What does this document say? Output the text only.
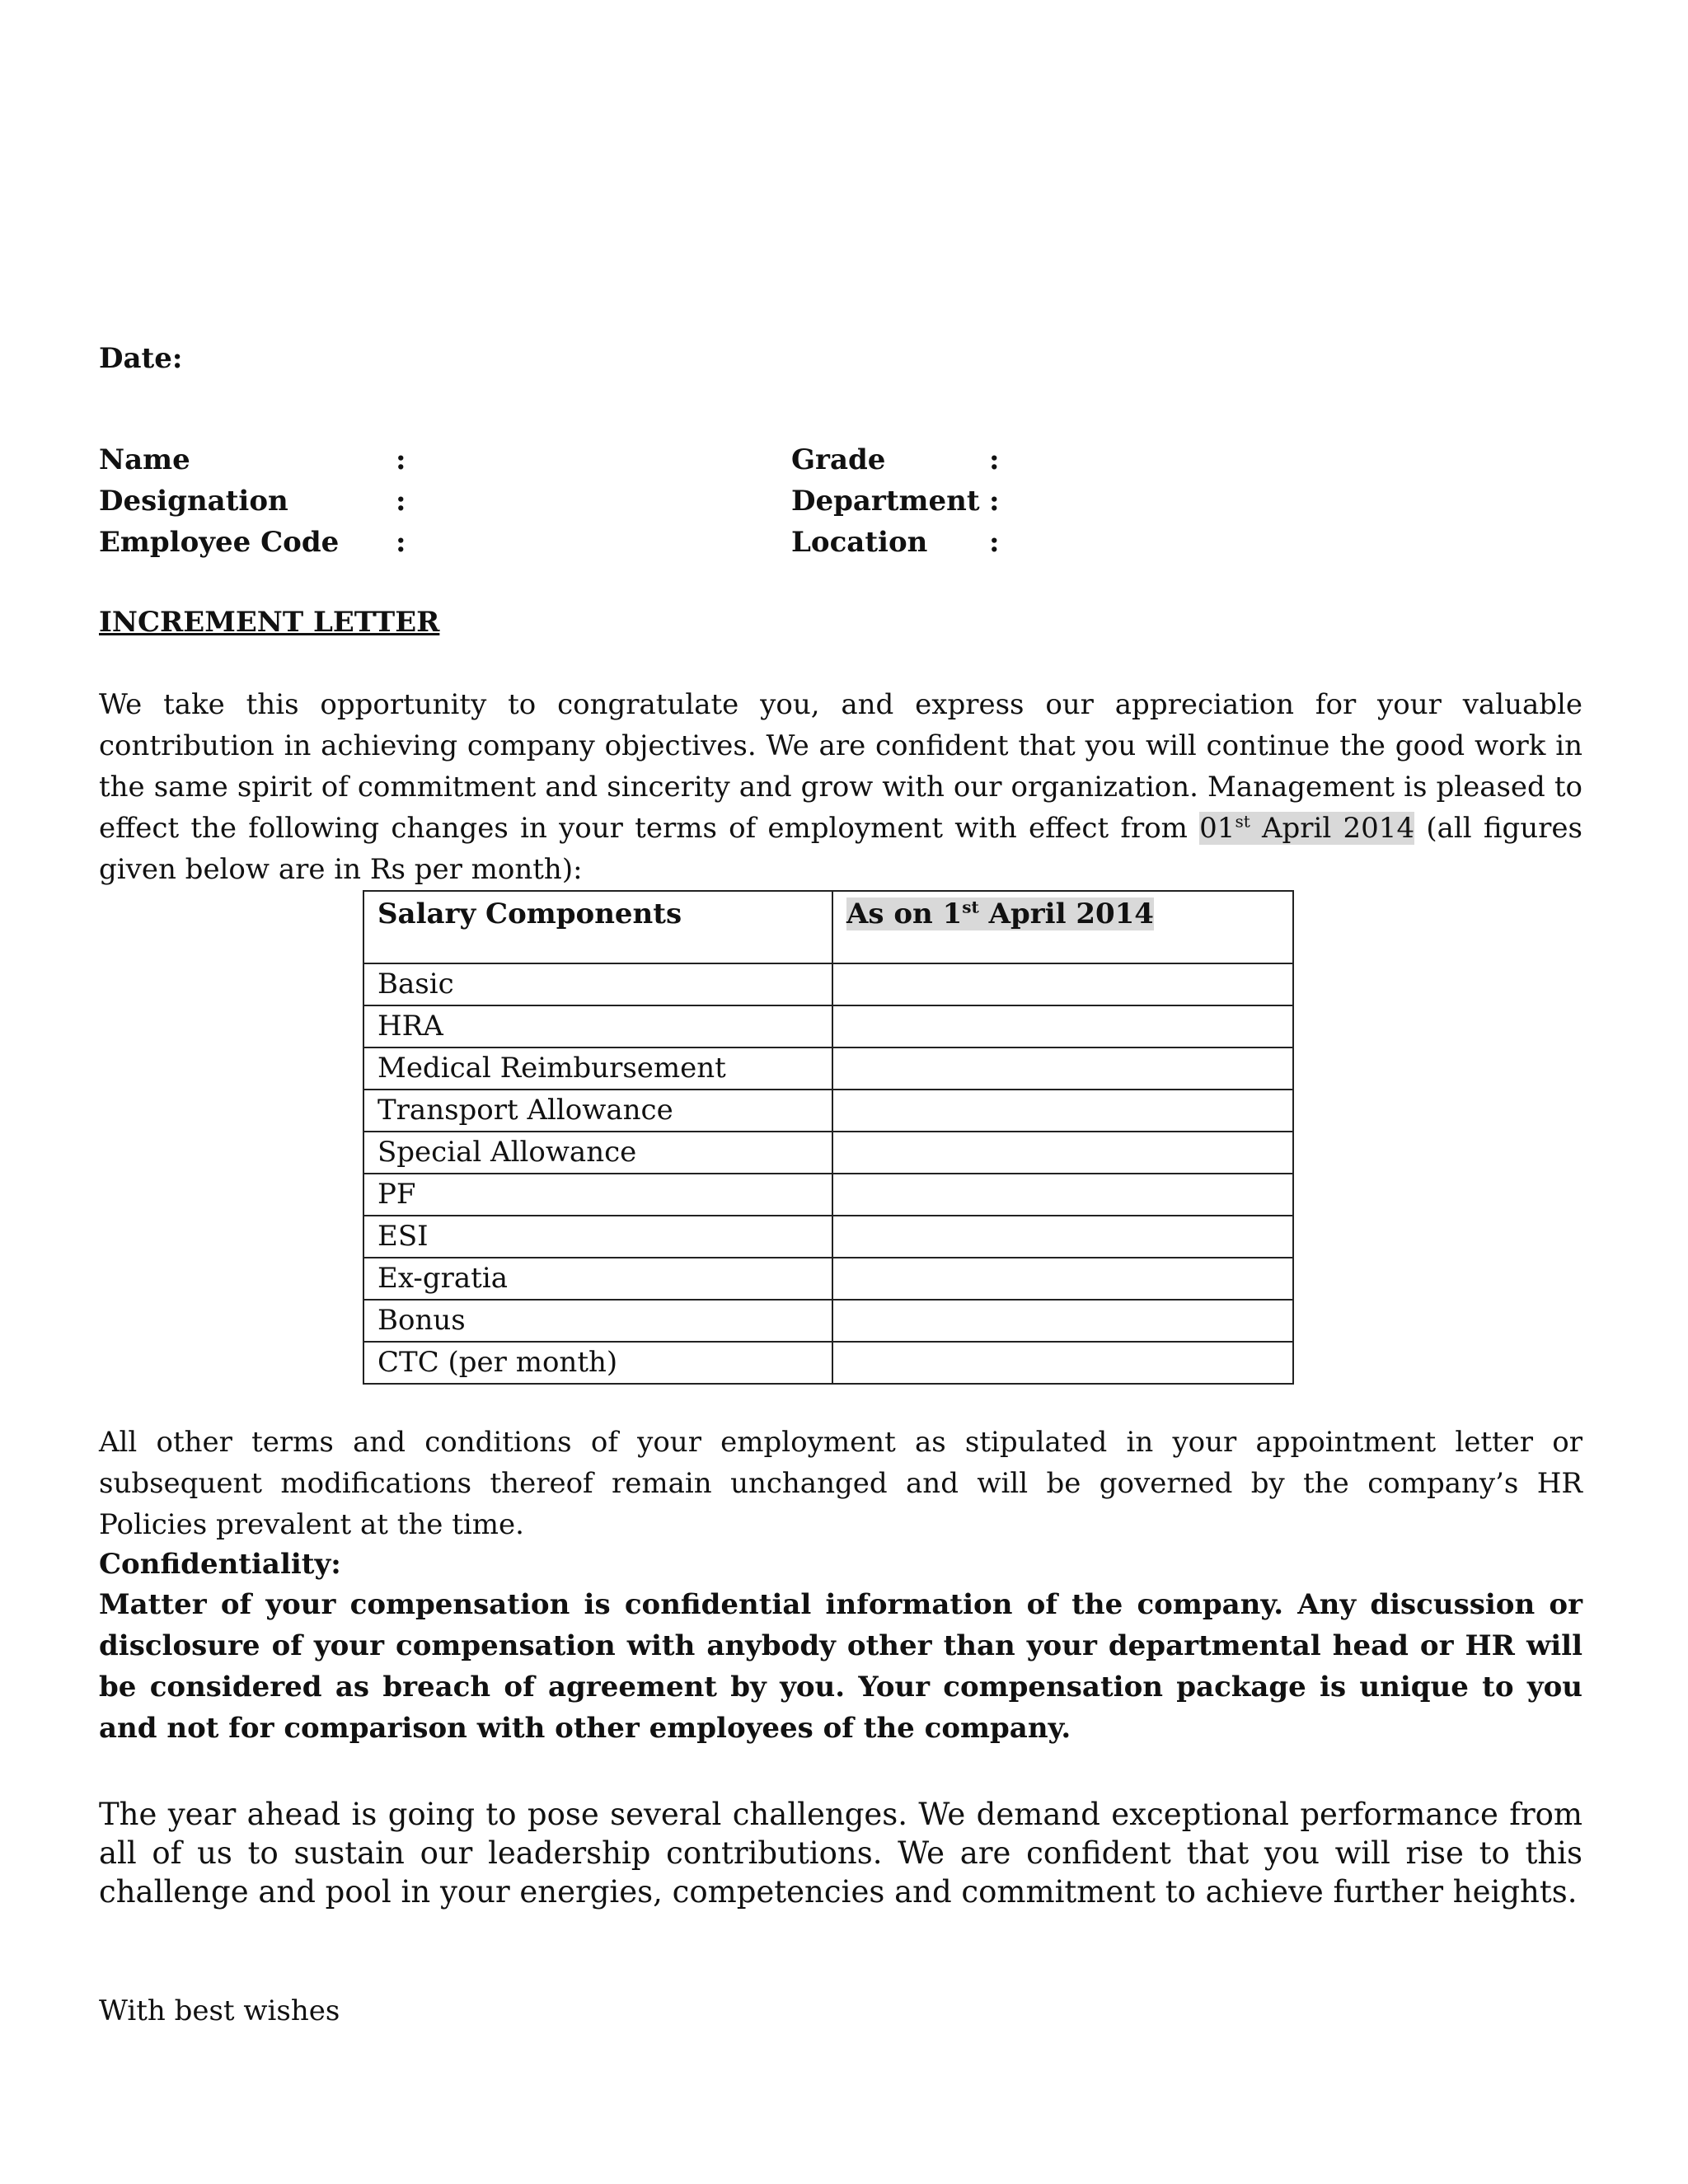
Date:
Name	:	Grade	:
Designation	:	Department :
Employee Code :	Location :
INCREMENT LETTER
We take this opportunity to congratulate you, and express our appreciation for your valuable contribution in achieving company objectives. We are confident that you will continue the good work in the same spirit of commitment and sincerity and grow with our organization. Management is pleased to effect the following changes in your terms of employment with effect from 01st April 2014 (all figures given below are in Rs per month):
Salary Components	As on 1st April 2014
Basic	
HRA	
Medical Reimbursement	
Transport Allowance	
Special Allowance	
PF	
ESI	
Ex-gratia	
Bonus	
CTC (per month)	
All other terms and conditions of your employment as stipulated in your appointment letter or subsequent modifications thereof remain unchanged and will be governed by the company’s HR Policies prevalent at the time.
Confidentiality:
Matter of your compensation is confidential information of the company. Any discussion or disclosure of your compensation with anybody other than your departmental head or HR will be considered as breach of agreement by you. Your compensation package is unique to you and not for comparison with other employees of the company.
The year ahead is going to pose several challenges. We demand exceptional performance from all of us to sustain our leadership contributions. We are confident that you will rise to this challenge and pool in your energies, competencies and commitment to achieve further heights.
With best wishes
